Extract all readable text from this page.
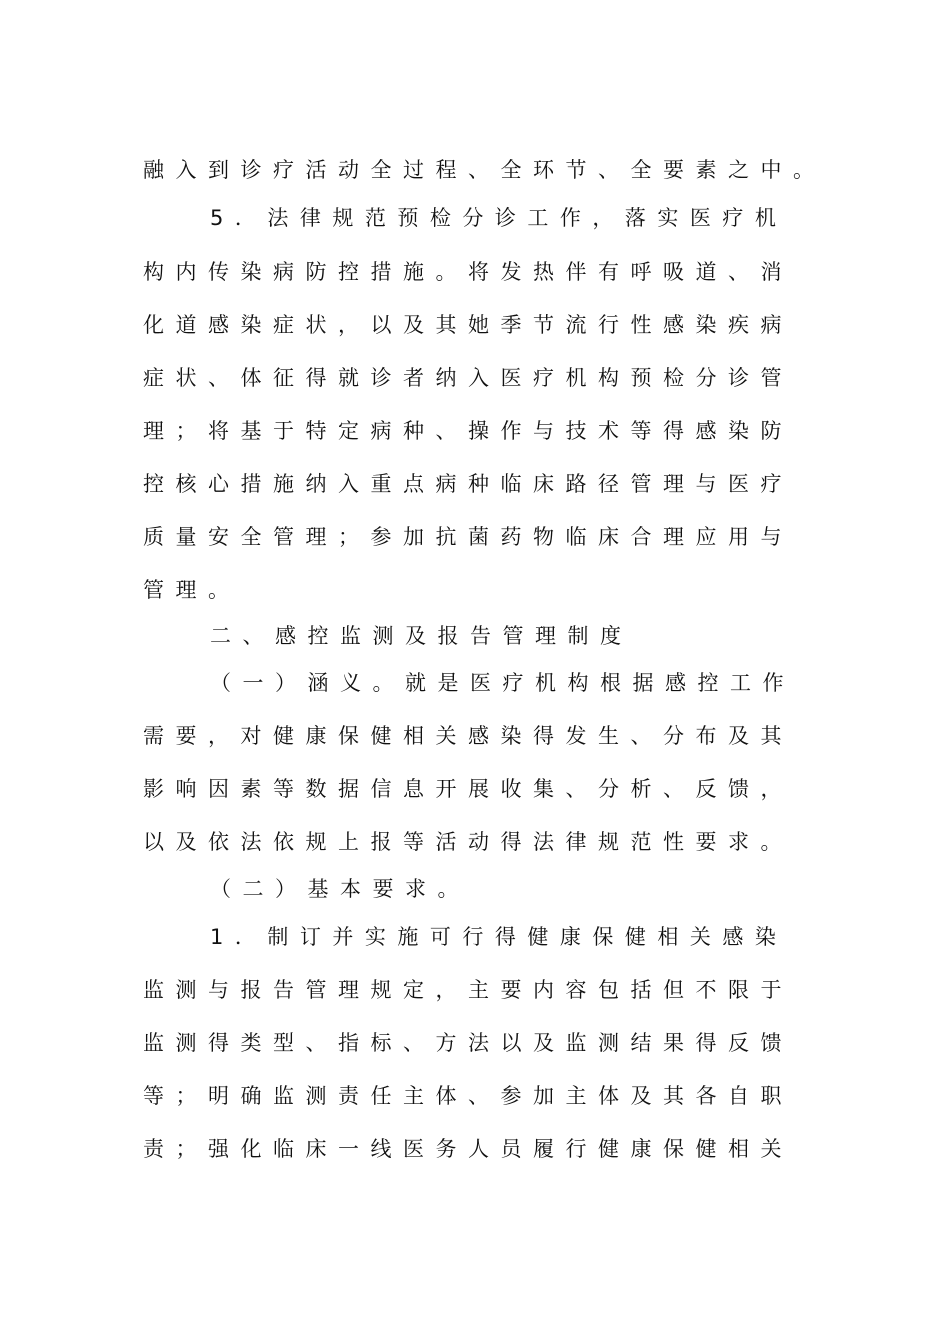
融入到诊疗活动全过程、全环节、全要素之中。
5．法律规范预检分诊工作，落实医疗机
构内传染病防控措施。将发热伴有呼吸道、消
化道感染症状，以及其她季节流行性感染疾病
症状、体征得就诊者纳入医疗机构预检分诊管
理；将基于特定病种、操作与技术等得感染防
控核心措施纳入重点病种临床路径管理与医疗
质量安全管理；参加抗菌药物临床合理应用与
管理。
二、感控监测及报告管理制度
（一）涵义。就是医疗机构根据感控工作
需要，对健康保健相关感染得发生、分布及其
影响因素等数据信息开展收集、分析、反馈，
以及依法依规上报等活动得法律规范性要求。
（二）基本要求。
1．制订并实施可行得健康保健相关感染
监测与报告管理规定，主要内容包括但不限于
监测得类型、指标、方法以及监测结果得反馈
等；明确监测责任主体、参加主体及其各自职
责；强化临床一线医务人员履行健康保健相关
